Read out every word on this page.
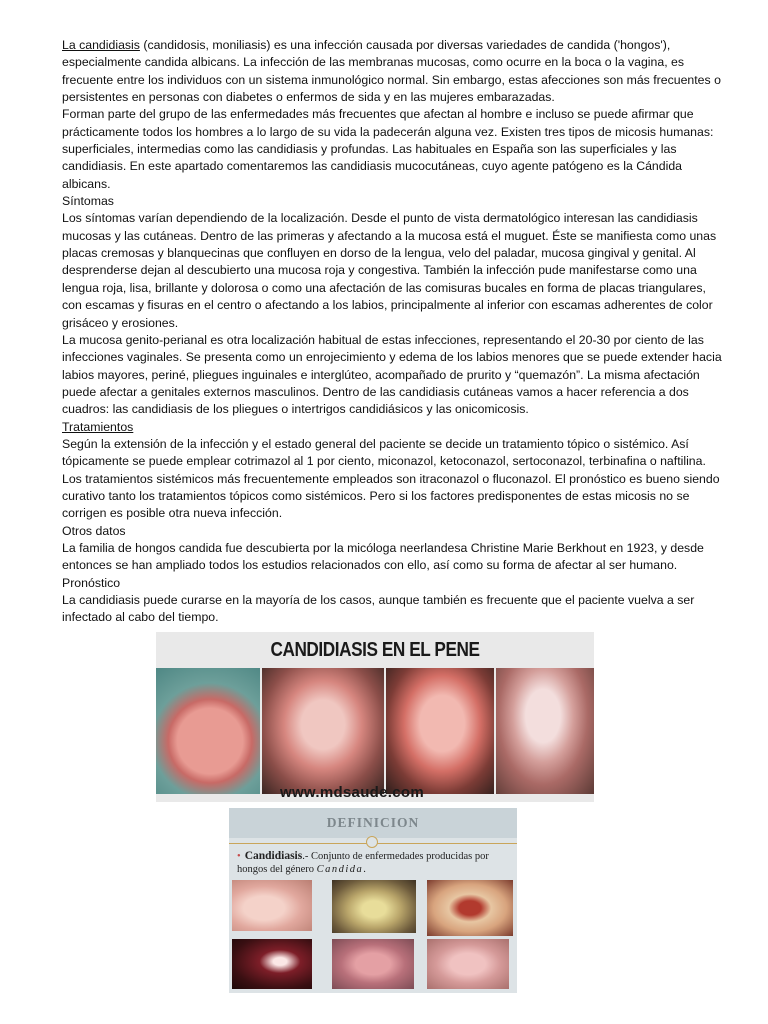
La candidiasis (candidosis, moniliasis) es una infección causada por diversas variedades de candida ('hongos'), especialmente candida albicans. La infección de las membranas mucosas, como ocurre en la boca o la vagina, es frecuente entre los individuos con un sistema inmunológico normal. Sin embargo, estas afecciones son más frecuentes o persistentes en personas con diabetes o enfermos de sida y en las mujeres embarazadas.

Forman parte del grupo de las enfermedades más frecuentes que afectan al hombre e incluso se puede afirmar que prácticamente todos los hombres a lo largo de su vida la padecerán alguna vez. Existen tres tipos de micosis humanas: superficiales, intermedias como las candidiasis y profundas. Las habituales en España son las superficiales y las candidiasis. En este apartado comentaremos las candidiasis mucocutáneas, cuyo agente patógeno es la Cándida albicans.

Síntomas

Los síntomas varían dependiendo de la localización. Desde el punto de vista dermatológico interesan las candidiasis mucosas y las cutáneas. Dentro de las primeras y afectando a la mucosa está el muguet. Éste se manifiesta como unas placas cremosas y blanquecinas que confluyen en dorso de la lengua, velo del paladar, mucosa gingival y genital. Al desprenderse dejan al descubierto una mucosa roja y congestiva. También la infección pude manifestarse como una lengua roja, lisa, brillante y dolorosa o como una afectación de las comisuras bucales en forma de placas triangulares, con escamas y fisuras en el centro o afectando a los labios, principalmente al inferior con escamas adherentes de color grisáceo y erosiones.

La mucosa genito-perianal es otra localización habitual de estas infecciones, representando el 20-30 por ciento de las infecciones vaginales. Se presenta como un enrojecimiento y edema de los labios menores que se puede extender hacia labios mayores, periné, pliegues inguinales e interglúteo, acompañado de prurito y “quemazón”. La misma afectación puede afectar a genitales externos masculinos. Dentro de las candidiasis cutáneas vamos a hacer referencia a dos cuadros: las candidiasis de los pliegues o intertrigos candidiásicos y las onicomicosis.

Tratamientos

Según la extensión de la infección y el estado general del paciente se decide un tratamiento tópico o sistémico. Así tópicamente se puede emplear cotrimazol al 1 por ciento, miconazol, ketoconazol, sertoconazol, terbinafina o naftilina. Los tratamientos sistémicos más frecuentemente empleados son itraconazol o fluconazol. El pronóstico es bueno siendo curativo tanto los tratamientos tópicos como sistémicos. Pero si los factores predisponentes de estas micosis no se corrigen es posible otra nueva infección.

Otros datos

La familia de hongos candida fue descubierta por la micóloga neerlandesa Christine Marie Berkhout en 1923, y desde entonces se han ampliado todos los estudios relacionados con ello, así como su forma de afectar al ser humano.

Pronóstico

La candidiasis puede curarse en la mayoría de los casos, aunque también es frecuente que el paciente vuelva a ser infectado al cabo del tiempo.

CANDIDIASIS EN EL PENE
www.mdsaude.com
DEFINICION
• Candidiasis.- Conjunto de enfermedades producidas por hongos del género Candida.
